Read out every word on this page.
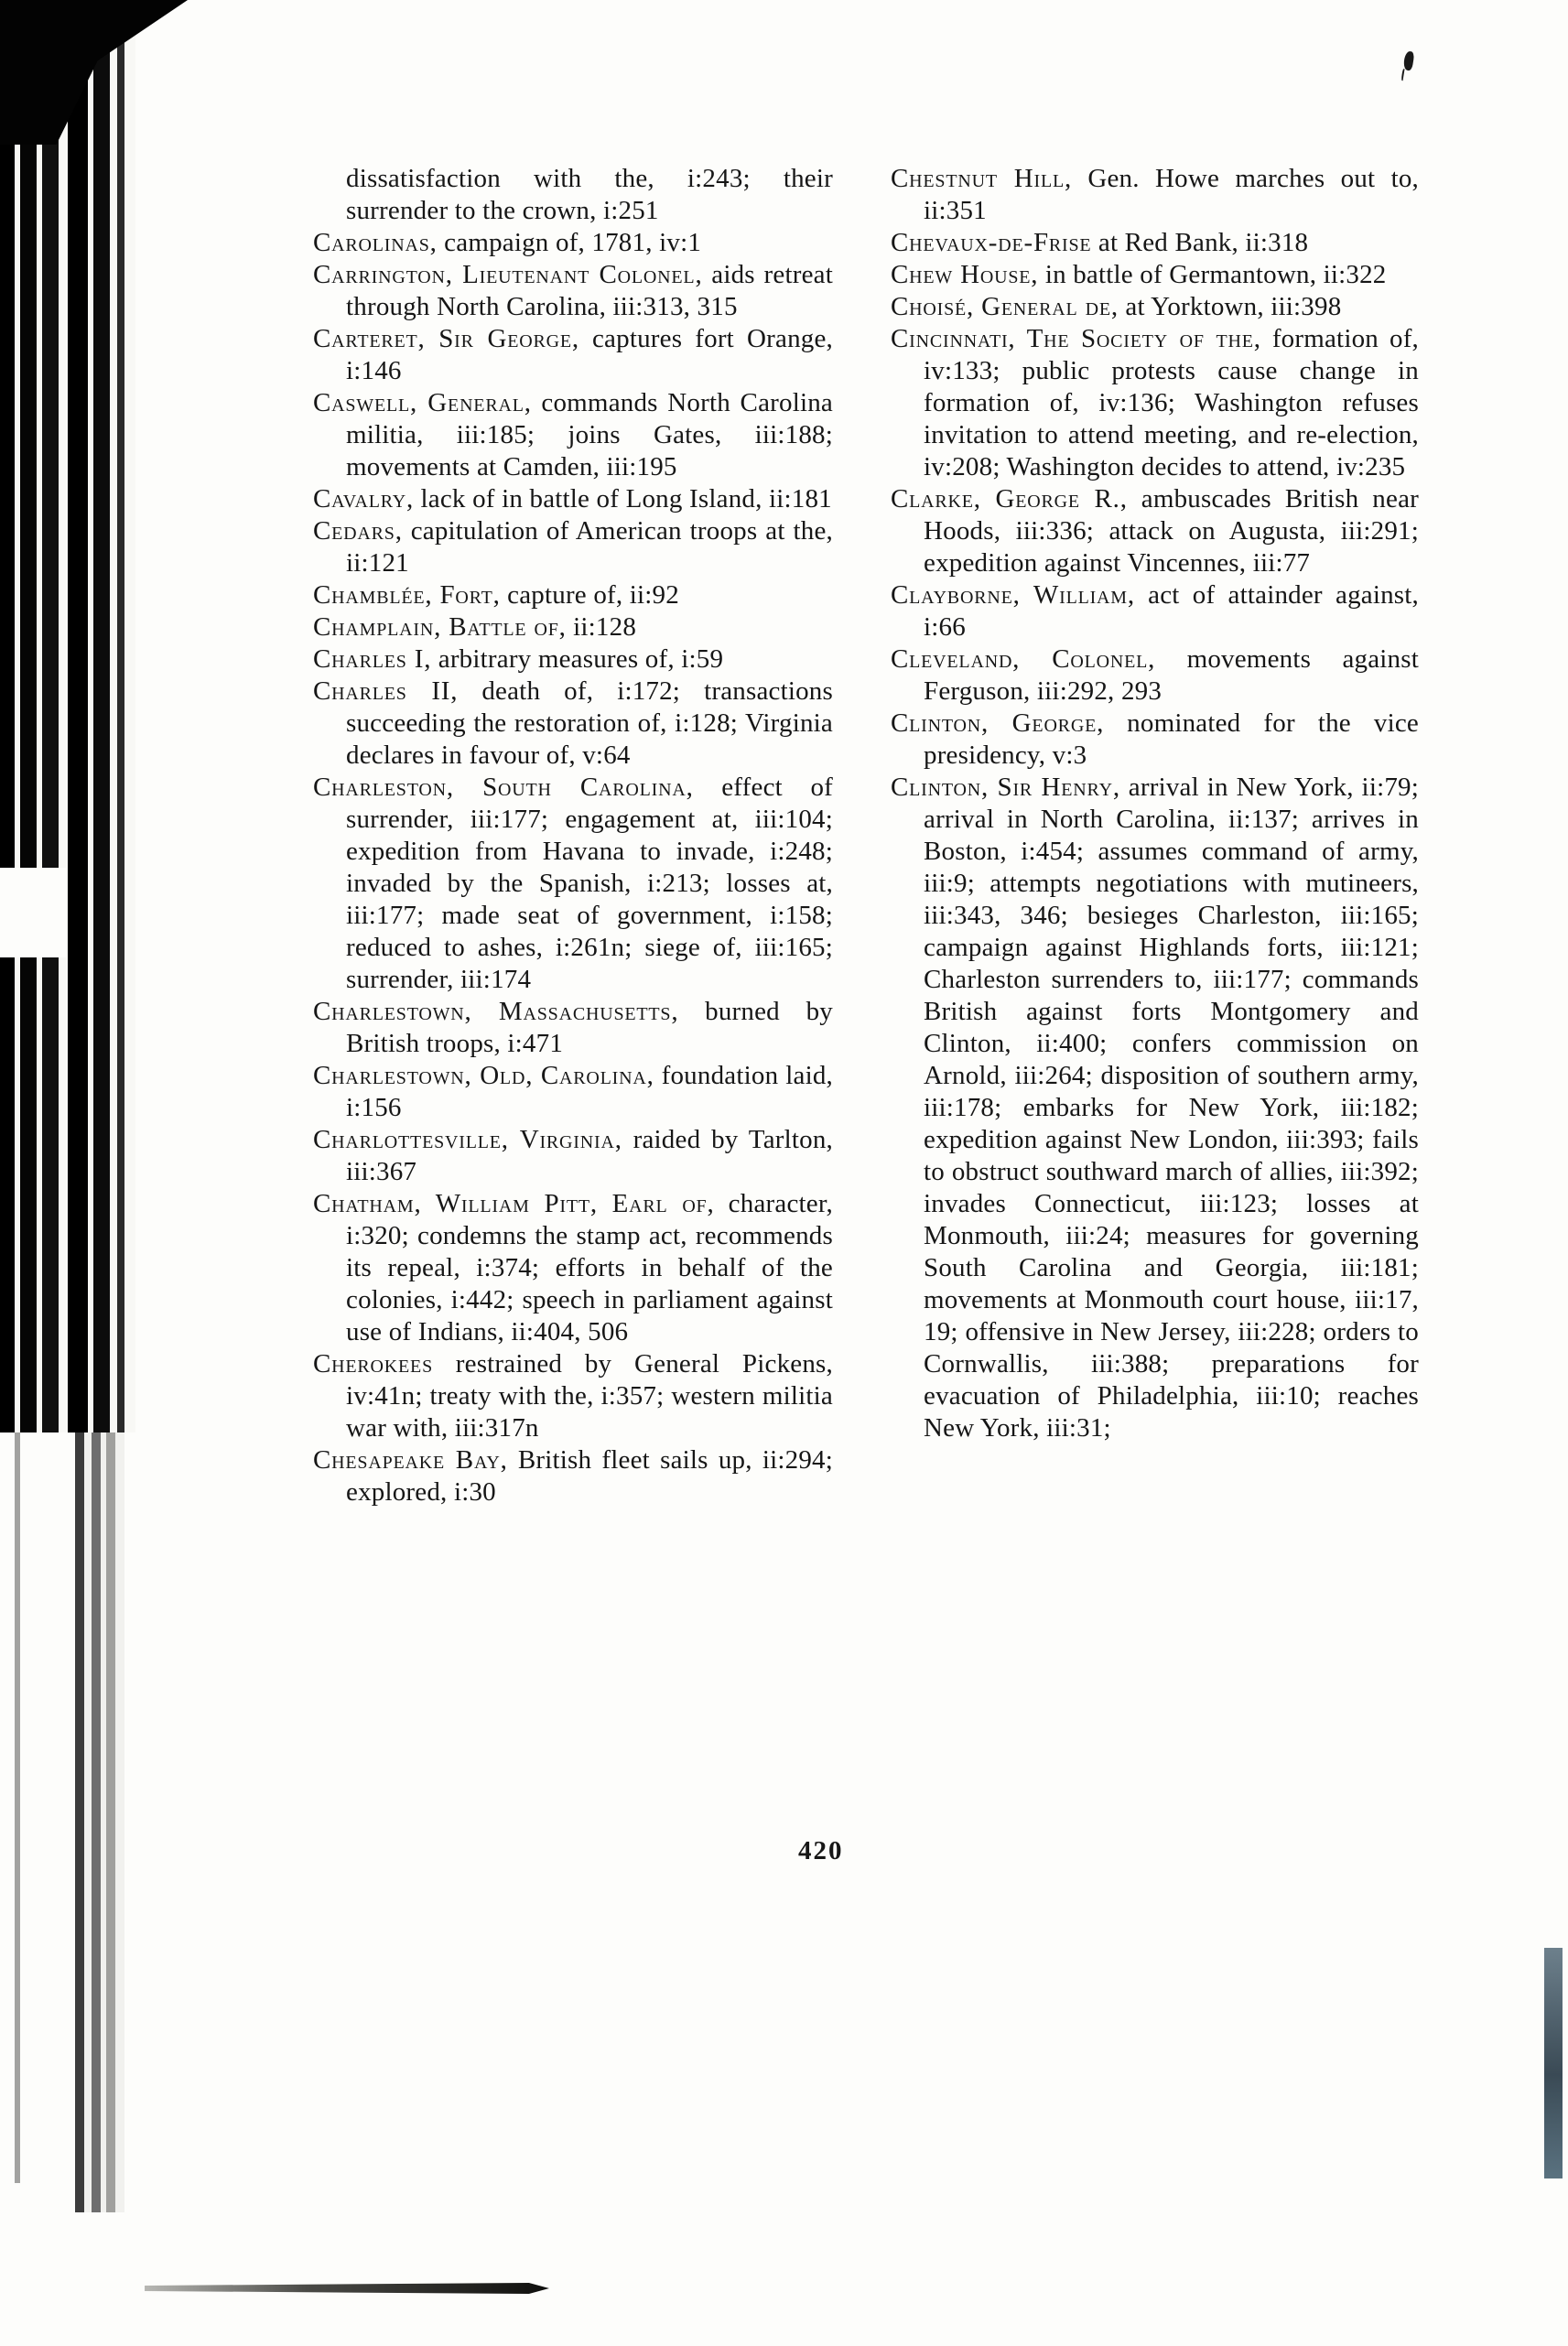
dissatisfaction with the, i:243; their surrender to the crown, i:251

Carolinas, campaign of, 1781, iv:1

Carrington, Lieutenant Colonel, aids retreat through North Carolina, iii:313, 315

Carteret, Sir George, captures fort Orange, i:146

Caswell, General, commands North Carolina militia, iii:185; joins Gates, iii:188; movements at Camden, iii:195

Cavalry, lack of in battle of Long Island, ii:181

Cedars, capitulation of American troops at the, ii:121

Chamblée, Fort, capture of, ii:92

Champlain, Battle of, ii:128

Charles I, arbitrary measures of, i:59

Charles II, death of, i:172; transactions succeeding the restoration of, i:128; Virginia declares in favour of, v:64

Charleston, South Carolina, effect of surrender, iii:177; engagement at, iii:104; expedition from Havana to invade, i:248; invaded by the Spanish, i:213; losses at, iii:177; made seat of government, i:158; reduced to ashes, i:261n; siege of, iii:165; surrender, iii:174

Charlestown, Massachusetts, burned by British troops, i:471

Charlestown, Old, Carolina, foundation laid, i:156

Charlottesville, Virginia, raided by Tarlton, iii:367

Chatham, William Pitt, Earl of, character, i:320; condemns the stamp act, recommends its repeal, i:374; efforts in behalf of the colonies, i:442; speech in parliament against use of Indians, ii:404, 506

Cherokees restrained by General Pickens, iv:41n; treaty with the, i:357; western militia war with, iii:317n

Chesapeake Bay, British fleet sails up, ii:294; explored, i:30

Chestnut Hill, Gen. Howe marches out to, ii:351

Chevaux-de-Frise at Red Bank, ii:318

Chew House, in battle of Germantown, ii:322

Choisé, General de, at Yorktown, iii:398

Cincinnati, The Society of the, formation of, iv:133; public protests cause change in formation of, iv:136; Washington refuses invitation to attend meeting, and re-election, iv:208; Washington decides to attend, iv:235

Clarke, George R., ambuscades British near Hoods, iii:336; attack on Augusta, iii:291; expedition against Vincennes, iii:77

Clayborne, William, act of attainder against, i:66

Cleveland, Colonel, movements against Ferguson, iii:292, 293

Clinton, George, nominated for the vice presidency, v:3

Clinton, Sir Henry, arrival in New York, ii:79; arrival in North Carolina, ii:137; arrives in Boston, i:454; assumes command of army, iii:9; attempts negotiations with mutineers, iii:343, 346; besieges Charleston, iii:165; campaign against Highlands forts, iii:121; Charleston surrenders to, iii:177; commands British against forts Montgomery and Clinton, ii:400; confers commission on Arnold, iii:264; disposition of southern army, iii:178; embarks for New York, iii:182; expedition against New London, iii:393; fails to obstruct southward march of allies, iii:392; invades Connecticut, iii:123; losses at Monmouth, iii:24; measures for governing South Carolina and Georgia, iii:181; movements at Monmouth court house, iii:17, 19; offensive in New Jersey, iii:228; orders to Cornwallis, iii:388; preparations for evacuation of Philadelphia, iii:10; reaches New York, iii:31;

420
